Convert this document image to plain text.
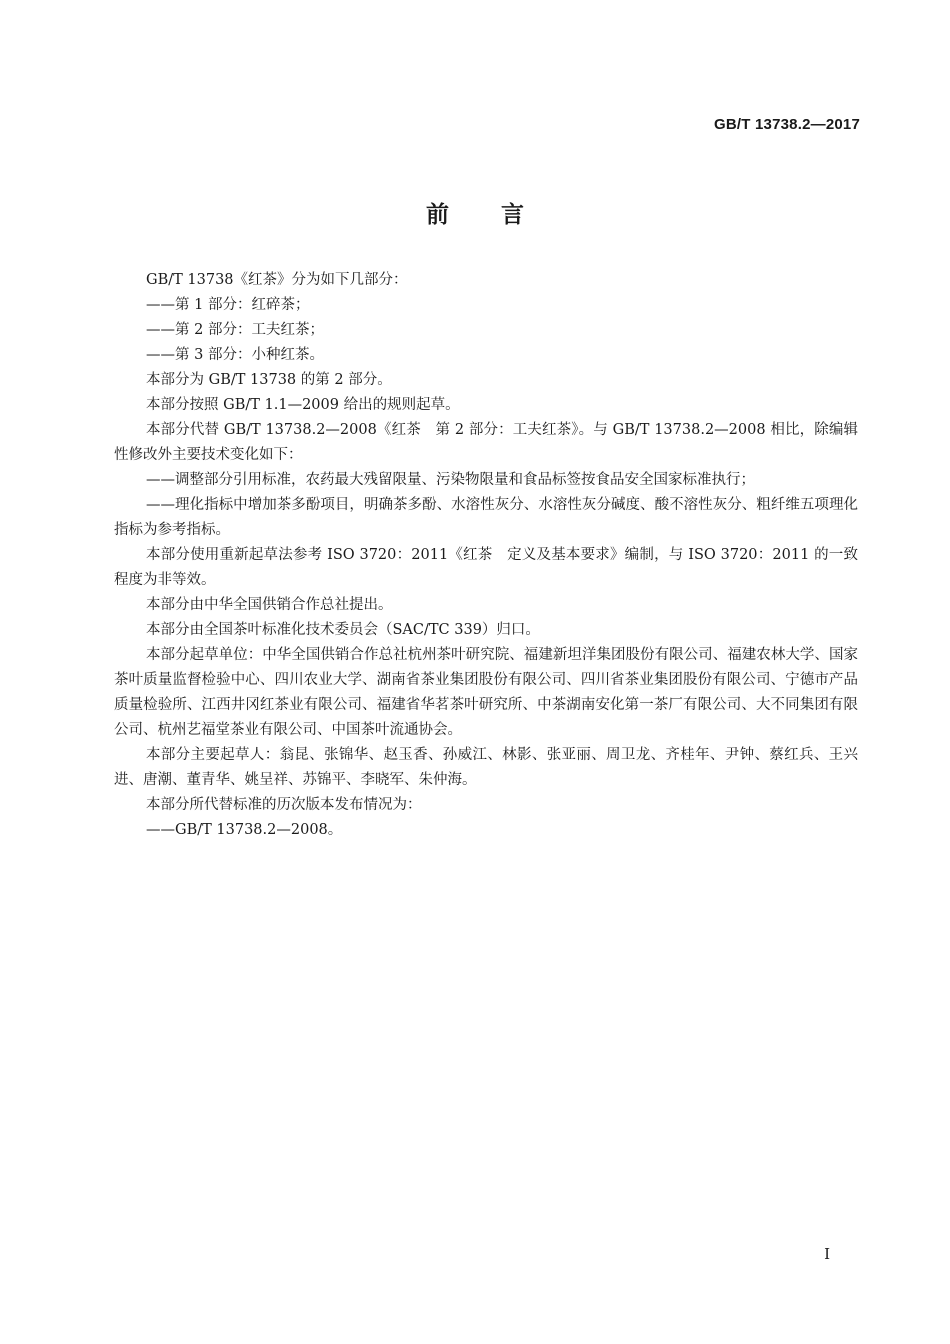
GB/T 13738.2—2017
前言

GB/T 13738《红茶》分为如下几部分：

——第 1 部分：红碎茶；

——第 2 部分：工夫红茶；

——第 3 部分：小种红茶。

本部分为 GB/T 13738 的第 2 部分。

本部分按照 GB/T 1.1—2009 给出的规则起草。

本部分代替 GB/T 13738.2—2008《红茶　第 2 部分：工夫红茶》。与 GB/T 13738.2—2008 相比，除编辑性修改外主要技术变化如下：

——调整部分引用标准，农药最大残留限量、污染物限量和食品标签按食品安全国家标准执行；

——理化指标中增加茶多酚项目，明确茶多酚、水溶性灰分、水溶性灰分碱度、酸不溶性灰分、粗纤维五项理化指标为参考指标。

本部分使用重新起草法参考 ISO 3720：2011《红茶　定义及基本要求》编制，与 ISO 3720：2011 的一致程度为非等效。

本部分由中华全国供销合作总社提出。

本部分由全国茶叶标准化技术委员会（SAC/TC 339）归口。

本部分起草单位：中华全国供销合作总社杭州茶叶研究院、福建新坦洋集团股份有限公司、福建农林大学、国家茶叶质量监督检验中心、四川农业大学、湖南省茶业集团股份有限公司、四川省茶业集团股份有限公司、宁德市产品质量检验所、江西井冈红茶业有限公司、福建省华茗茶叶研究所、中茶湖南安化第一茶厂有限公司、大不同集团有限公司、杭州艺福堂茶业有限公司、中国茶叶流通协会。

本部分主要起草人：翁昆、张锦华、赵玉香、孙威江、林影、张亚丽、周卫龙、齐桂年、尹钟、蔡红兵、王兴进、唐潮、董青华、姚呈祥、苏锦平、李晓军、朱仲海。

本部分所代替标准的历次版本发布情况为：

——GB/T 13738.2—2008。

I
